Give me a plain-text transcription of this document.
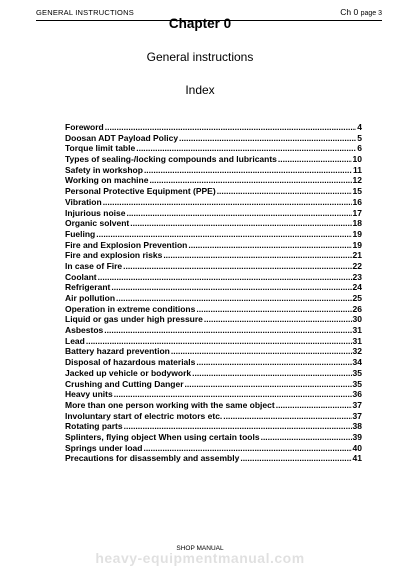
GENERAL INSTRUCTIONS	Ch 0 page 3
Chapter 0
General instructions
Index
Foreword .....	4
Doosan ADT Payload Policy .....	5
Torque limit table .....	6
Types of sealing-/locking compounds and lubricants .....	10
Safety in workshop .....	11
Working on machine .....	12
Personal Protective Equipment (PPE) .....	15
Vibration .....	16
Injurious noise .....	17
Organic solvent .....	18
Fueling .....	19
Fire and Explosion Prevention .....	19
Fire and explosion risks .....	21
In case of Fire .....	22
Coolant .....	23
Refrigerant .....	24
Air pollution .....	25
Operation in extreme conditions .....	26
Liquid or gas under high pressure .....	30
Asbestos .....	31
Lead .....	31
Battery hazard prevention .....	32
Disposal of hazardous materials .....	34
Jacked up vehicle or bodywork .....	35
Crushing and Cutting Danger .....	35
Heavy units .....	36
More than one person working with the same object .....	37
Involuntary start of electric motors etc. .....	37
Rotating parts .....	38
Splinters, flying object When using certain tools .....	39
Springs under load .....	40
Precautions for disassembly and assembly .....	41
SHOP MANUAL
heavy-equipmentmanual.com
